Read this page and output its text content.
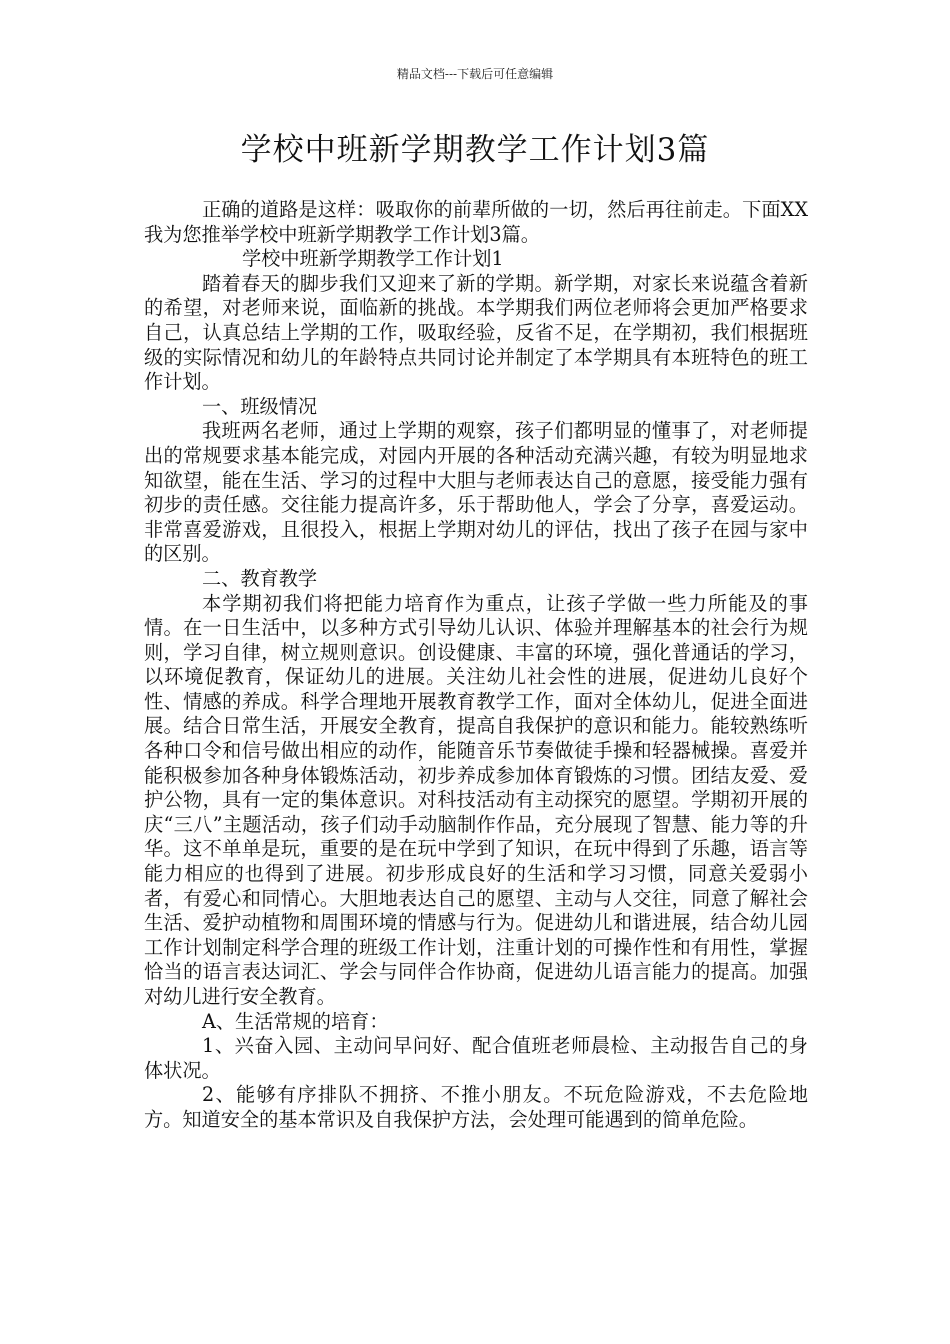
精品文档---下载后可任意编辑
学校中班新学期教学工作计划3篇

正确的道路是这样：吸取你的前辈所做的一切，然后再往前走。下面XX我为您推举学校中班新学期教学工作计划3篇。

学校中班新学期教学工作计划1

踏着春天的脚步我们又迎来了新的学期。新学期，对家长来说蕴含着新的希望，对老师来说，面临新的挑战。本学期我们两位老师将会更加严格要求自己，认真总结上学期的工作，吸取经验，反省不足，在学期初，我们根据班级的实际情况和幼儿的年龄特点共同讨论并制定了本学期具有本班特色的班工作计划。

一、班级情况

我班两名老师，通过上学期的观察，孩子们都明显的懂事了，对老师提出的常规要求基本能完成，对园内开展的各种活动充满兴趣，有较为明显地求知欲望，能在生活、学习的过程中大胆与老师表达自己的意愿，接受能力强有初步的责任感。交往能力提高许多，乐于帮助他人，学会了分享，喜爱运动。非常喜爱游戏，且很投入，根据上学期对幼儿的评估，找出了孩子在园与家中的区别。

二、教育教学

本学期初我们将把能力培育作为重点，让孩子学做一些力所能及的事情。在一日生活中，以多种方式引导幼儿认识、体验并理解基本的社会行为规则，学习自律，树立规则意识。创设健康、丰富的环境，强化普通话的学习，以环境促教育，保证幼儿的进展。关注幼儿社会性的进展，促进幼儿良好个性、情感的养成。科学合理地开展教育教学工作，面对全体幼儿，促进全面进展。结合日常生活，开展安全教育，提高自我保护的意识和能力。能较熟练听各种口令和信号做出相应的动作，能随音乐节奏做徒手操和轻器械操。喜爱并能积极参加各种身体锻炼活动，初步养成参加体育锻炼的习惯。团结友爱、爱护公物，具有一定的集体意识。对科技活动有主动探究的愿望。学期初开展的庆“三八”主题活动，孩子们动手动脑制作作品，充分展现了智慧、能力等的升华。这不单单是玩，重要的是在玩中学到了知识，在玩中得到了乐趣，语言等能力相应的也得到了进展。初步形成良好的生活和学习习惯，同意关爱弱小者，有爱心和同情心。大胆地表达自己的愿望、主动与人交往，同意了解社会生活、爱护动植物和周围环境的情感与行为。促进幼儿和谐进展，结合幼儿园工作计划制定科学合理的班级工作计划，注重计划的可操作性和有用性，掌握恰当的语言表达词汇、学会与同伴合作协商，促进幼儿语言能力的提高。加强对幼儿进行安全教育。

A、生活常规的培育：

1、兴奋入园、主动问早问好、配合值班老师晨检、主动报告自己的身体状况。

2、能够有序排队不拥挤、不推小朋友。不玩危险游戏，不去危险地方。知道安全的基本常识及自我保护方法，会处理可能遇到的简单危险。
